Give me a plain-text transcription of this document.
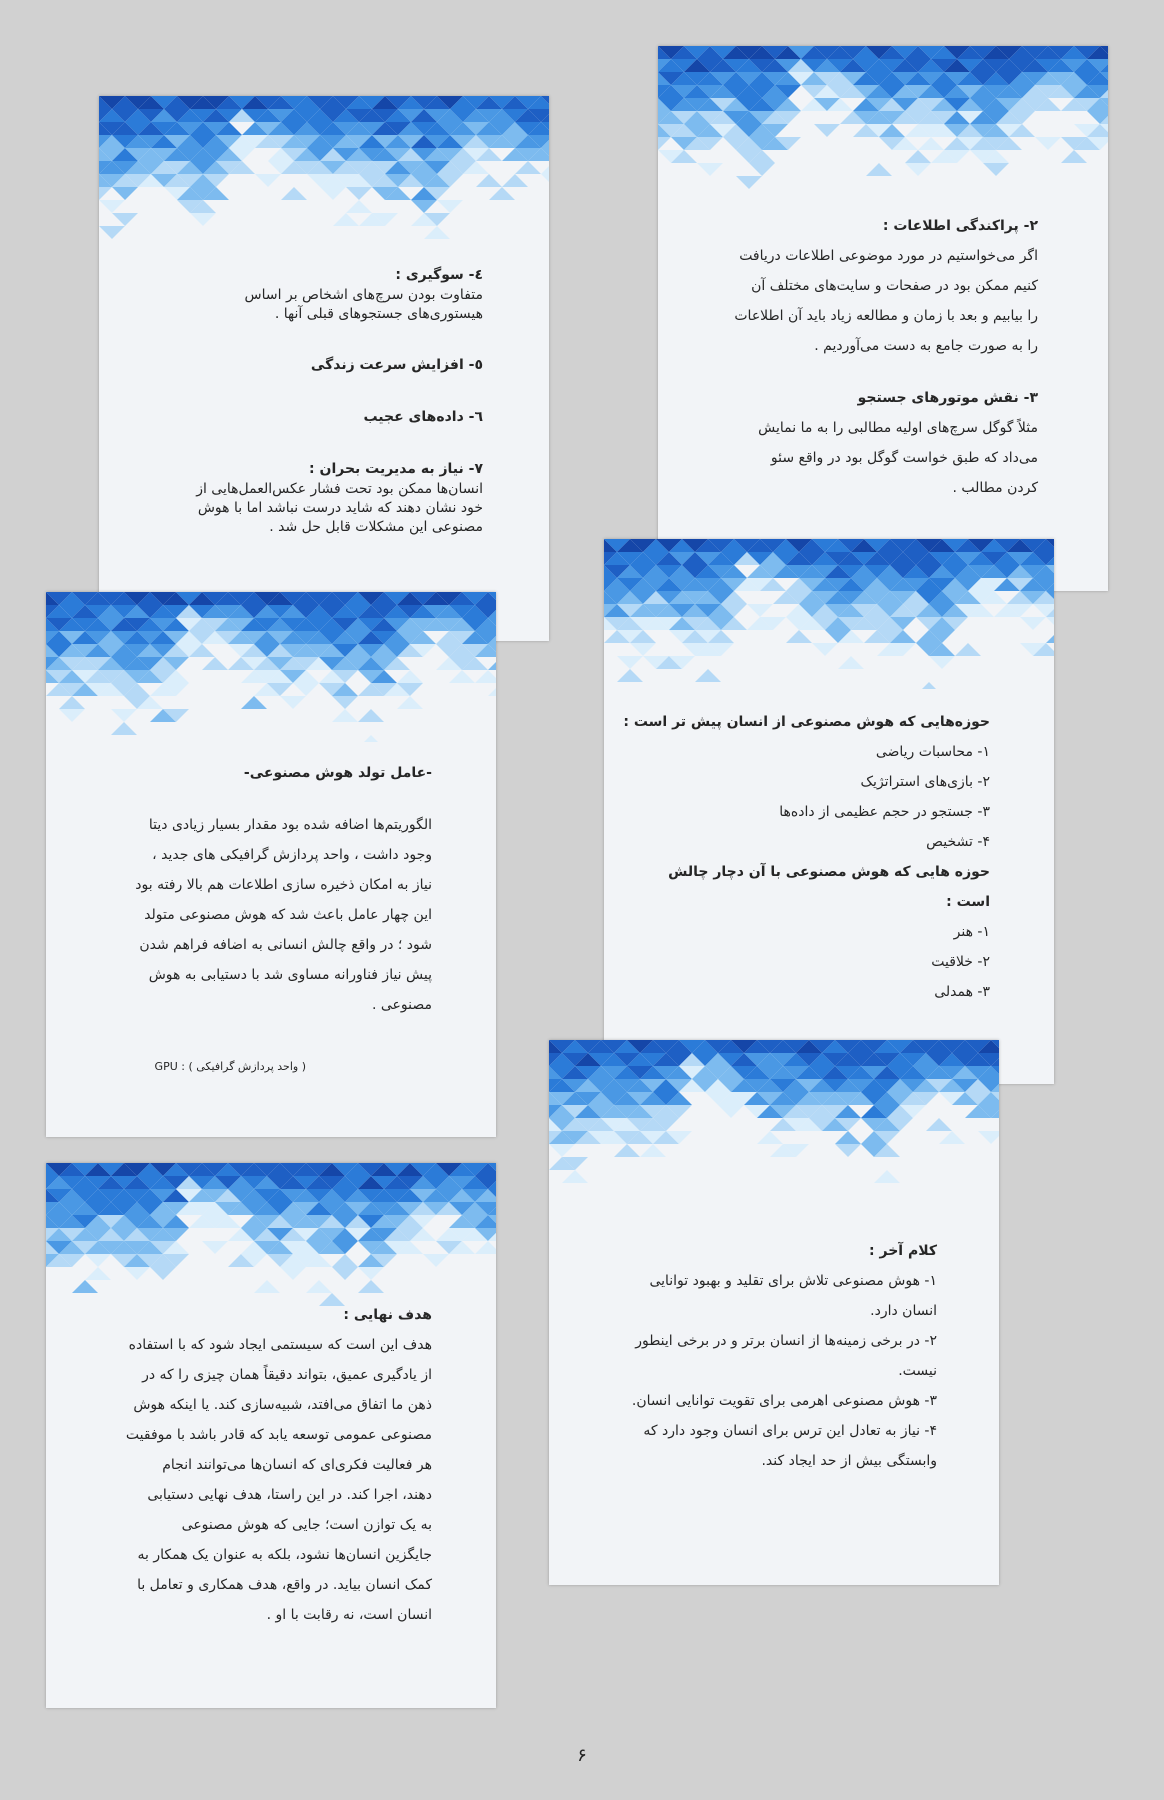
۲- پراکندگی اطلاعات :

اگر می‌خواستیم در مورد موضوعی اطلاعات دریافت

کنیم ممکن بود در صفحات و سایت‌های مختلف آن

را بیابیم و بعد با زمان و مطالعه زیاد باید آن اطلاعات

را به صورت جامع به دست می‌آوردیم .

۳- نقش موتورهای جستجو

مثلاً گوگل سرچ‌های اولیه مطالبی را به ما نمایش

می‌داد که طبق خواست گوگل بود در واقع سئو

کردن مطالب .

٤- سوگیری :

متفاوت بودن سرچ‌های اشخاص بر اساس

هیستوری‌های جستجوهای قبلی آنها .

٥- افزایش سرعت زندگی

٦- داده‌های عجیب

٧- نیاز به مدیریت بحران :

انسان‌ها ممکن بود تحت فشار عکس‌العمل‌هایی از

خود نشان دهند که شاید درست نباشد اما با هوش

مصنوعی این مشکلات قابل حل شد .

حوزه‌هایی که هوش مصنوعی از انسان پیش تر است :

۱- محاسبات ریاضی

۲- بازی‌های استراتژیک

۳- جستجو در حجم عظیمی از داده‌ها

۴- تشخیص

حوزه هایی که هوش مصنوعی با آن دچار چالش

است :

۱- هنر

۲- خلاقیت

۳- همدلی

-عامل تولد هوش مصنوعی-

الگوریتم‌ها اضافه شده بود مقدار بسیار زیادی دیتا

وجود داشت ، واحد پردازش گرافیکی های جدید ،

نیاز به امکان ذخیره سازی اطلاعات هم بالا رفته بود

این چهار عامل باعث شد که هوش مصنوعی متولد

شود ؛ در واقع چالش انسانی به اضافه فراهم شدن

پیش نیاز فناورانه مساوی شد با دستیابی به هوش

مصنوعی .

GPU : ( واحد پردازش گرافیکی )

کلام آخر :

۱- هوش مصنوعی تلاش برای تقلید و بهبود توانایی

انسان دارد.

۲- در برخی زمینه‌ها از انسان برتر و در برخی اینطور

نیست.

۳- هوش مصنوعی اهرمی برای تقویت توانایی انسان.

۴- نیاز به تعادل این ترس برای انسان وجود دارد که

وابستگی بیش از حد ایجاد کند.

هدف نهایی :

هدف این است که سیستمی ایجاد شود که با استفاده

از یادگیری عمیق، بتواند دقیقاً همان چیزی را که در

ذهن ما اتفاق می‌افتد، شبیه‌سازی کند. یا اینکه هوش

مصنوعی عمومی توسعه یابد که قادر باشد با موفقیت

هر فعالیت فکری‌ای که انسان‌ها می‌توانند انجام

دهند، اجرا کند. در این راستا، هدف نهایی دستیابی

به یک توازن است؛ جایی که هوش مصنوعی

جایگزین انسان‌ها نشود، بلکه به عنوان یک همکار به

کمک انسان بیاید. در واقع، هدف همکاری و تعامل با

انسان است، نه رقابت با او .

۶
